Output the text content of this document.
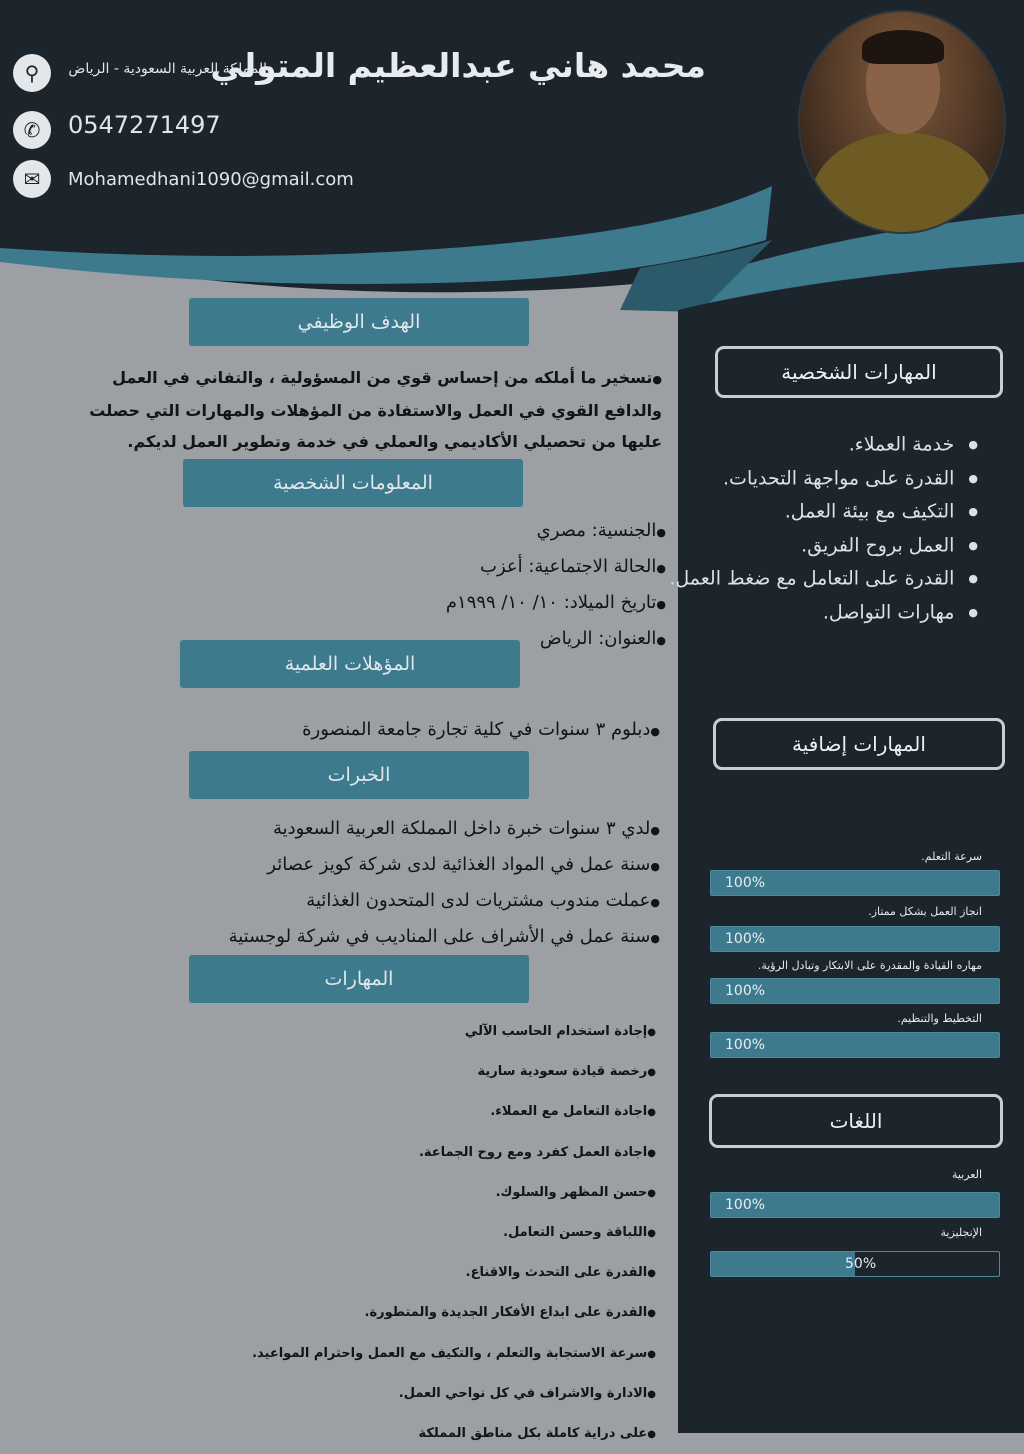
محمد هاني عبدالعظيم المتولي
⚲	المملكة العربية السعودية - الرياض
✆	0547271497
✉	Mohamedhani1090@gmail.com
الهدف الوظيفي
●تسخير ما أملكه من إحساس قوي من المسؤولية ، والتفاني في العمل والدافع القوي في العمل والاستفادة من المؤهلات والمهارات التي حصلت عليها من تحصيلي الأكاديمي والعملي في خدمة وتطوير العمل لديكم.
المعلومات الشخصية
●الجنسية: مصري
●الحالة الاجتماعية: أعزب
●تاريخ الميلاد: ١٠/ ١٠/ ١٩٩٩م
●العنوان: الرياض
المؤهلات العلمية
●دبلوم ٣ سنوات في كلية تجارة جامعة المنصورة
الخبرات
●لدي ٣ سنوات خبرة داخل المملكة العربية السعودية
●سنة عمل في المواد الغذائية لدى شركة كويز عصائر
●عملت مندوب مشتريات لدى المتحدون الغذائية
●سنة عمل في الأشراف على المناديب في شركة لوجستية
المهارات
●إجادة استخدام الحاسب الآلي
●رخصة قيادة سعودية سارية
●اجادة التعامل مع العملاء.
●اجادة العمل كفرد ومع روح الجماعة.
●حسن المظهر والسلوك.
●اللباقة وحسن التعامل.
●القدرة على التحدث والاقناع.
●القدرة على ابداع الأفكار الجديدة والمتطورة.
●سرعة الاستجابة والتعلم ، والتكيف مع العمل واحترام المواعيد.
●الادارة والاشراف في كل نواحي العمل.
●على دراية كاملة بكل مناطق المملكة
المهارات الشخصية
● خدمة العملاء.
● القدرة على مواجهة التحديات.
● التكيف مع بيئة العمل.
● العمل بروح الفريق.
● القدرة على التعامل مع ضغط العمل.
● مهارات التواصل.
المهارات إضافية
سرعة التعلم.
100%
انجاز العمل بشكل ممتاز.
100%
مهاره القيادة والمقدرة على الابتكار وتبادل الرؤية.
100%
التخطيط والتنظيم.
100%
اللغات
العربية
100%
الإنجليزية
50%
